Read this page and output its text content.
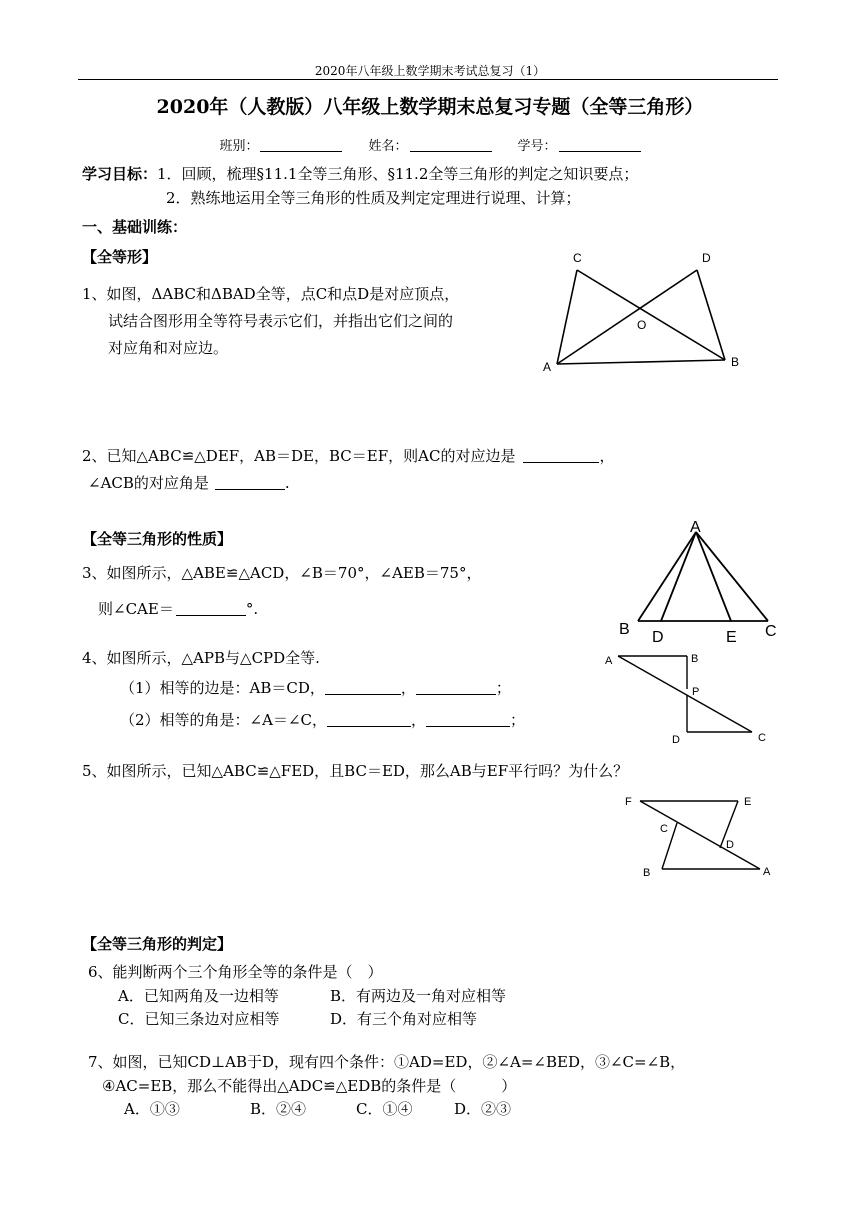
2020年八年级上数学期末考试总复习（1）
2020年（人教版）八年级上数学期末总复习专题（全等三角形）
班别：	姓名：	学号：
学习目标：1．回顾，梳理§11.1全等三角形、§11.2全等三角形的判定之知识要点；
2．熟练地运用全等三角形的性质及判定定理进行说理、计算；
一、基础训练：
【全等形】
1、如图，ΔABC和ΔBAD全等，点C和点D是对应顶点，
试结合图形用全等符号表示它们，并指出它们之间的
对应角和对应边。
C	D
O
A	B
2、已知△ABC≌△DEF，AB＝DE，BC＝EF，则AC的对应边是	，
∠ACB的对应角是	.
【全等三角形的性质】
3、如图所示，△ABE≌△ACD，∠B＝70°，∠AEB＝75°，
则∠CAE＝	°.
A
B D	E C
4、如图所示，△APB与△CPD全等.
（1）相等的边是：AB＝CD，	，	；
（2）相等的角是：∠A＝∠C，	，	；
A	B
P
D	C
5、如图所示，已知△ABC≌△FED，且BC＝ED，那么AB与EF平行吗？为什么？
F	E
C
D
B	A
【全等三角形的判定】
6、能判断两个三个角形全等的条件是（　）
A．已知两角及一边相等	B．有两边及一角对应相等
C．已知三条边对应相等	D．有三个角对应相等
7、如图，已知CD⊥AB于D，现有四个条件：①AD=ED，②∠A=∠BED，③∠C=∠B，
④AC=EB，那么不能得出△ADC≌△EDB的条件是（　　　）
A．①③	B．②④	C．①④	D．②③
